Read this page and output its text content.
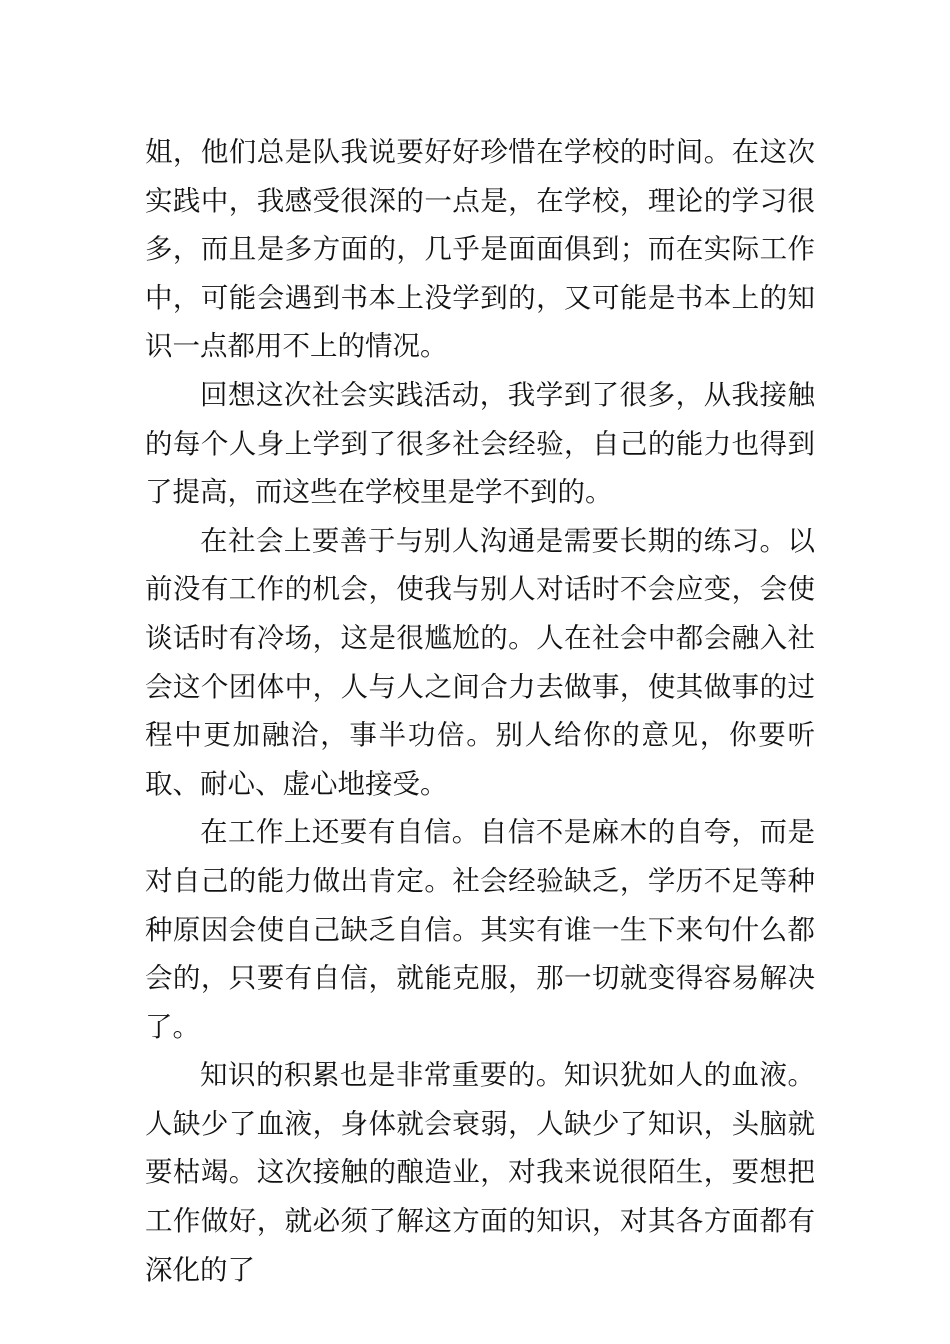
姐，他们总是队我说要好好珍惜在学校的时间。在这次实践中，我感受很深的一点是，在学校，理论的学习很多，而且是多方面的，几乎是面面俱到；而在实际工作中，可能会遇到书本上没学到的，又可能是书本上的知识一点都用不上的情况。

回想这次社会实践活动，我学到了很多，从我接触的每个人身上学到了很多社会经验，自己的能力也得到了提高，而这些在学校里是学不到的。

在社会上要善于与别人沟通是需要长期的练习。以前没有工作的机会，使我与别人对话时不会应变，会使谈话时有冷场，这是很尴尬的。人在社会中都会融入社会这个团体中，人与人之间合力去做事，使其做事的过程中更加融洽，事半功倍。别人给你的意见，你要听取、耐心、虚心地接受。

在工作上还要有自信。自信不是麻木的自夸，而是对自己的能力做出肯定。社会经验缺乏，学历不足等种种原因会使自己缺乏自信。其实有谁一生下来句什么都会的，只要有自信，就能克服，那一切就变得容易解决了。

知识的积累也是非常重要的。知识犹如人的血液。人缺少了血液，身体就会衰弱，人缺少了知识，头脑就要枯竭。这次接触的酿造业，对我来说很陌生，要想把工作做好，就必须了解这方面的知识，对其各方面都有深化的了
